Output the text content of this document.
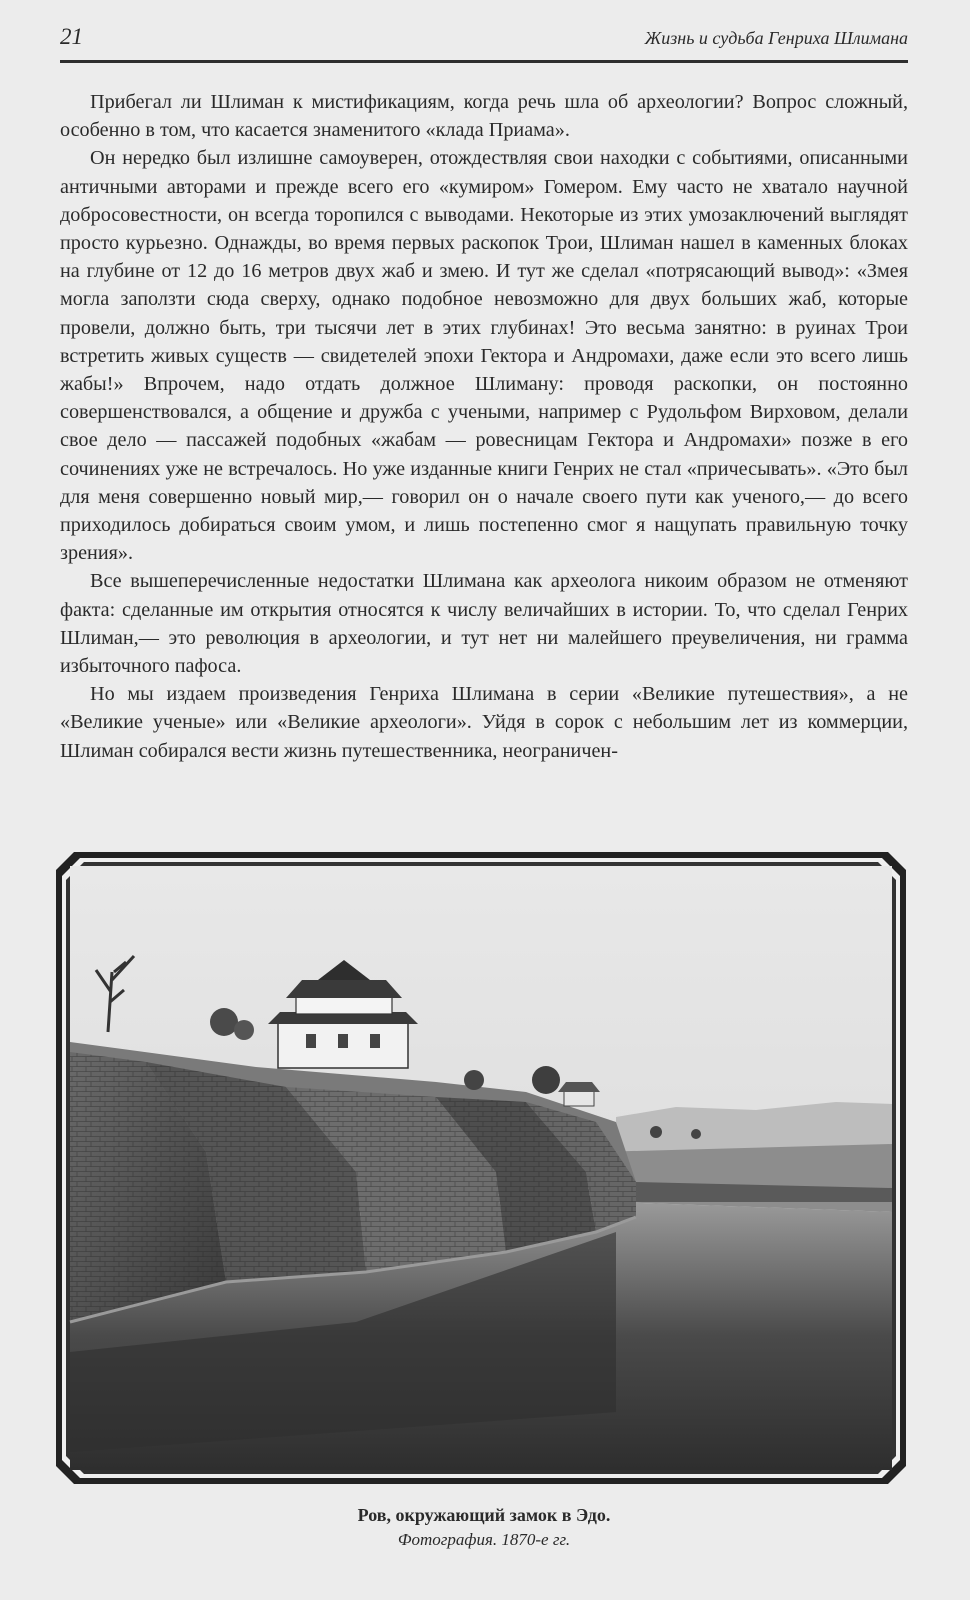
21	Жизнь и судьба Генриха Шлимана

Прибегал ли Шлиман к мистификациям, когда речь шла об археологии? Вопрос сложный, особенно в том, что касается знаменитого «клада Приама».

Он нередко был излишне самоуверен, отождествляя свои находки с событиями, описанными античными авторами и прежде всего его «кумиром» Гомером. Ему часто не хватало научной добросовестности, он всегда торопился с выводами. Некоторые из этих умозаключений выглядят просто курьезно. Однажды, во время первых раскопок Трои, Шлиман нашел в каменных блоках на глубине от 12 до 16 метров двух жаб и змею. И тут же сделал «потрясающий вывод»: «Змея могла заползти сюда сверху, однако подобное невозможно для двух больших жаб, которые провели, должно быть, три тысячи лет в этих глубинах! Это весьма занятно: в руинах Трои встретить живых существ — свидетелей эпохи Гектора и Андромахи, даже если это всего лишь жабы!» Впрочем, надо отдать должное Шлиману: проводя раскопки, он постоянно совершенствовался, а общение и дружба с учеными, например с Рудольфом Вирховом, делали свое дело — пассажей подобных «жабам — ровесницам Гектора и Андромахи» позже в его сочинениях уже не встречалось. Но уже изданные книги Генрих не стал «причесывать». «Это был для меня совершенно новый мир,— говорил он о начале своего пути как ученого,— до всего приходилось добираться своим умом, и лишь постепенно смог я нащупать правильную точку зрения».

Все вышеперечисленные недостатки Шлимана как археолога никоим образом не отменяют факта: сделанные им открытия относятся к числу величайших в истории. То, что сделал Генрих Шлиман,— это революция в археологии, и тут нет ни малейшего преувеличения, ни грамма избыточного пафоса.

Но мы издаем произведения Генриха Шлимана в серии «Великие путешествия», а не «Великие ученые» или «Великие археологи». Уйдя в сорок с небольшим лет из коммерции, Шлиман собирался вести жизнь путешественника, неограничен-

Ров, окружающий замок в Эдо.
Фотография. 1870-е гг.
